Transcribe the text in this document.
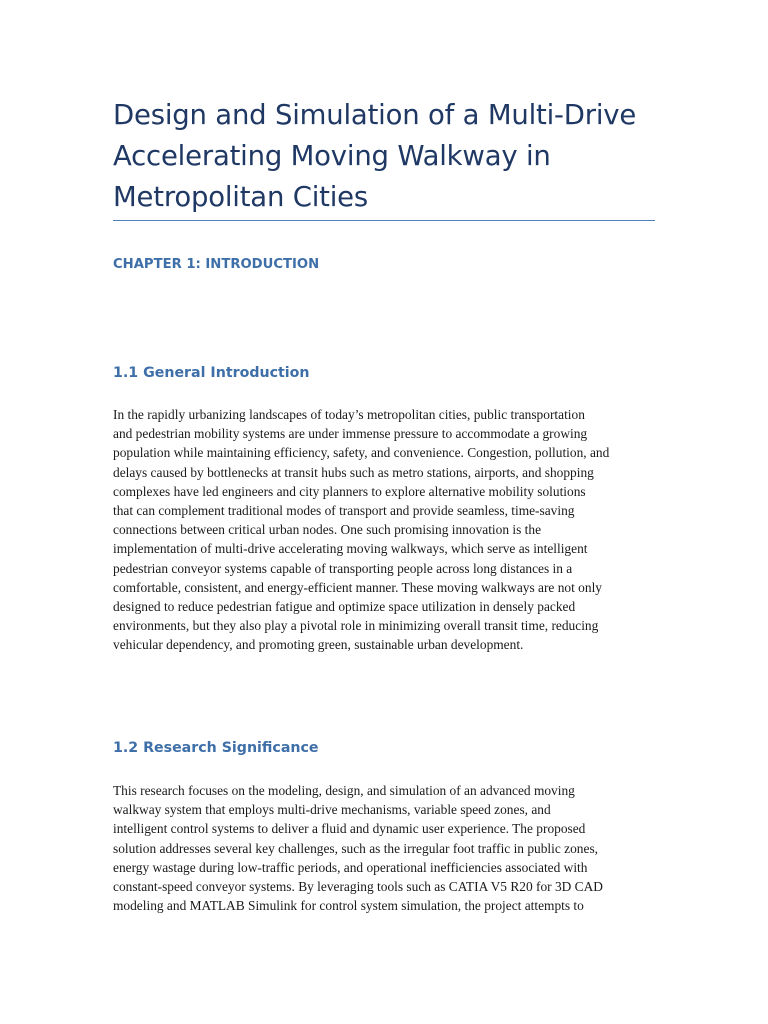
Design and Simulation of a Multi-Drive
Accelerating Moving Walkway in
Metropolitan Cities
CHAPTER 1: INTRODUCTION
1.1 General Introduction

In the rapidly urbanizing landscapes of today’s metropolitan cities, public transportation
and pedestrian mobility systems are under immense pressure to accommodate a growing
population while maintaining efficiency, safety, and convenience. Congestion, pollution, and
delays caused by bottlenecks at transit hubs such as metro stations, airports, and shopping
complexes have led engineers and city planners to explore alternative mobility solutions
that can complement traditional modes of transport and provide seamless, time-saving
connections between critical urban nodes. One such promising innovation is the
implementation of multi-drive accelerating moving walkways, which serve as intelligent
pedestrian conveyor systems capable of transporting people across long distances in a
comfortable, consistent, and energy-efficient manner. These moving walkways are not only
designed to reduce pedestrian fatigue and optimize space utilization in densely packed
environments, but they also play a pivotal role in minimizing overall transit time, reducing
vehicular dependency, and promoting green, sustainable urban development.

1.2 Research Significance

This research focuses on the modeling, design, and simulation of an advanced moving
walkway system that employs multi-drive mechanisms, variable speed zones, and
intelligent control systems to deliver a fluid and dynamic user experience. The proposed
solution addresses several key challenges, such as the irregular foot traffic in public zones,
energy wastage during low-traffic periods, and operational inefficiencies associated with
constant-speed conveyor systems. By leveraging tools such as CATIA V5 R20 for 3D CAD
modeling and MATLAB Simulink for control system simulation, the project attempts to
